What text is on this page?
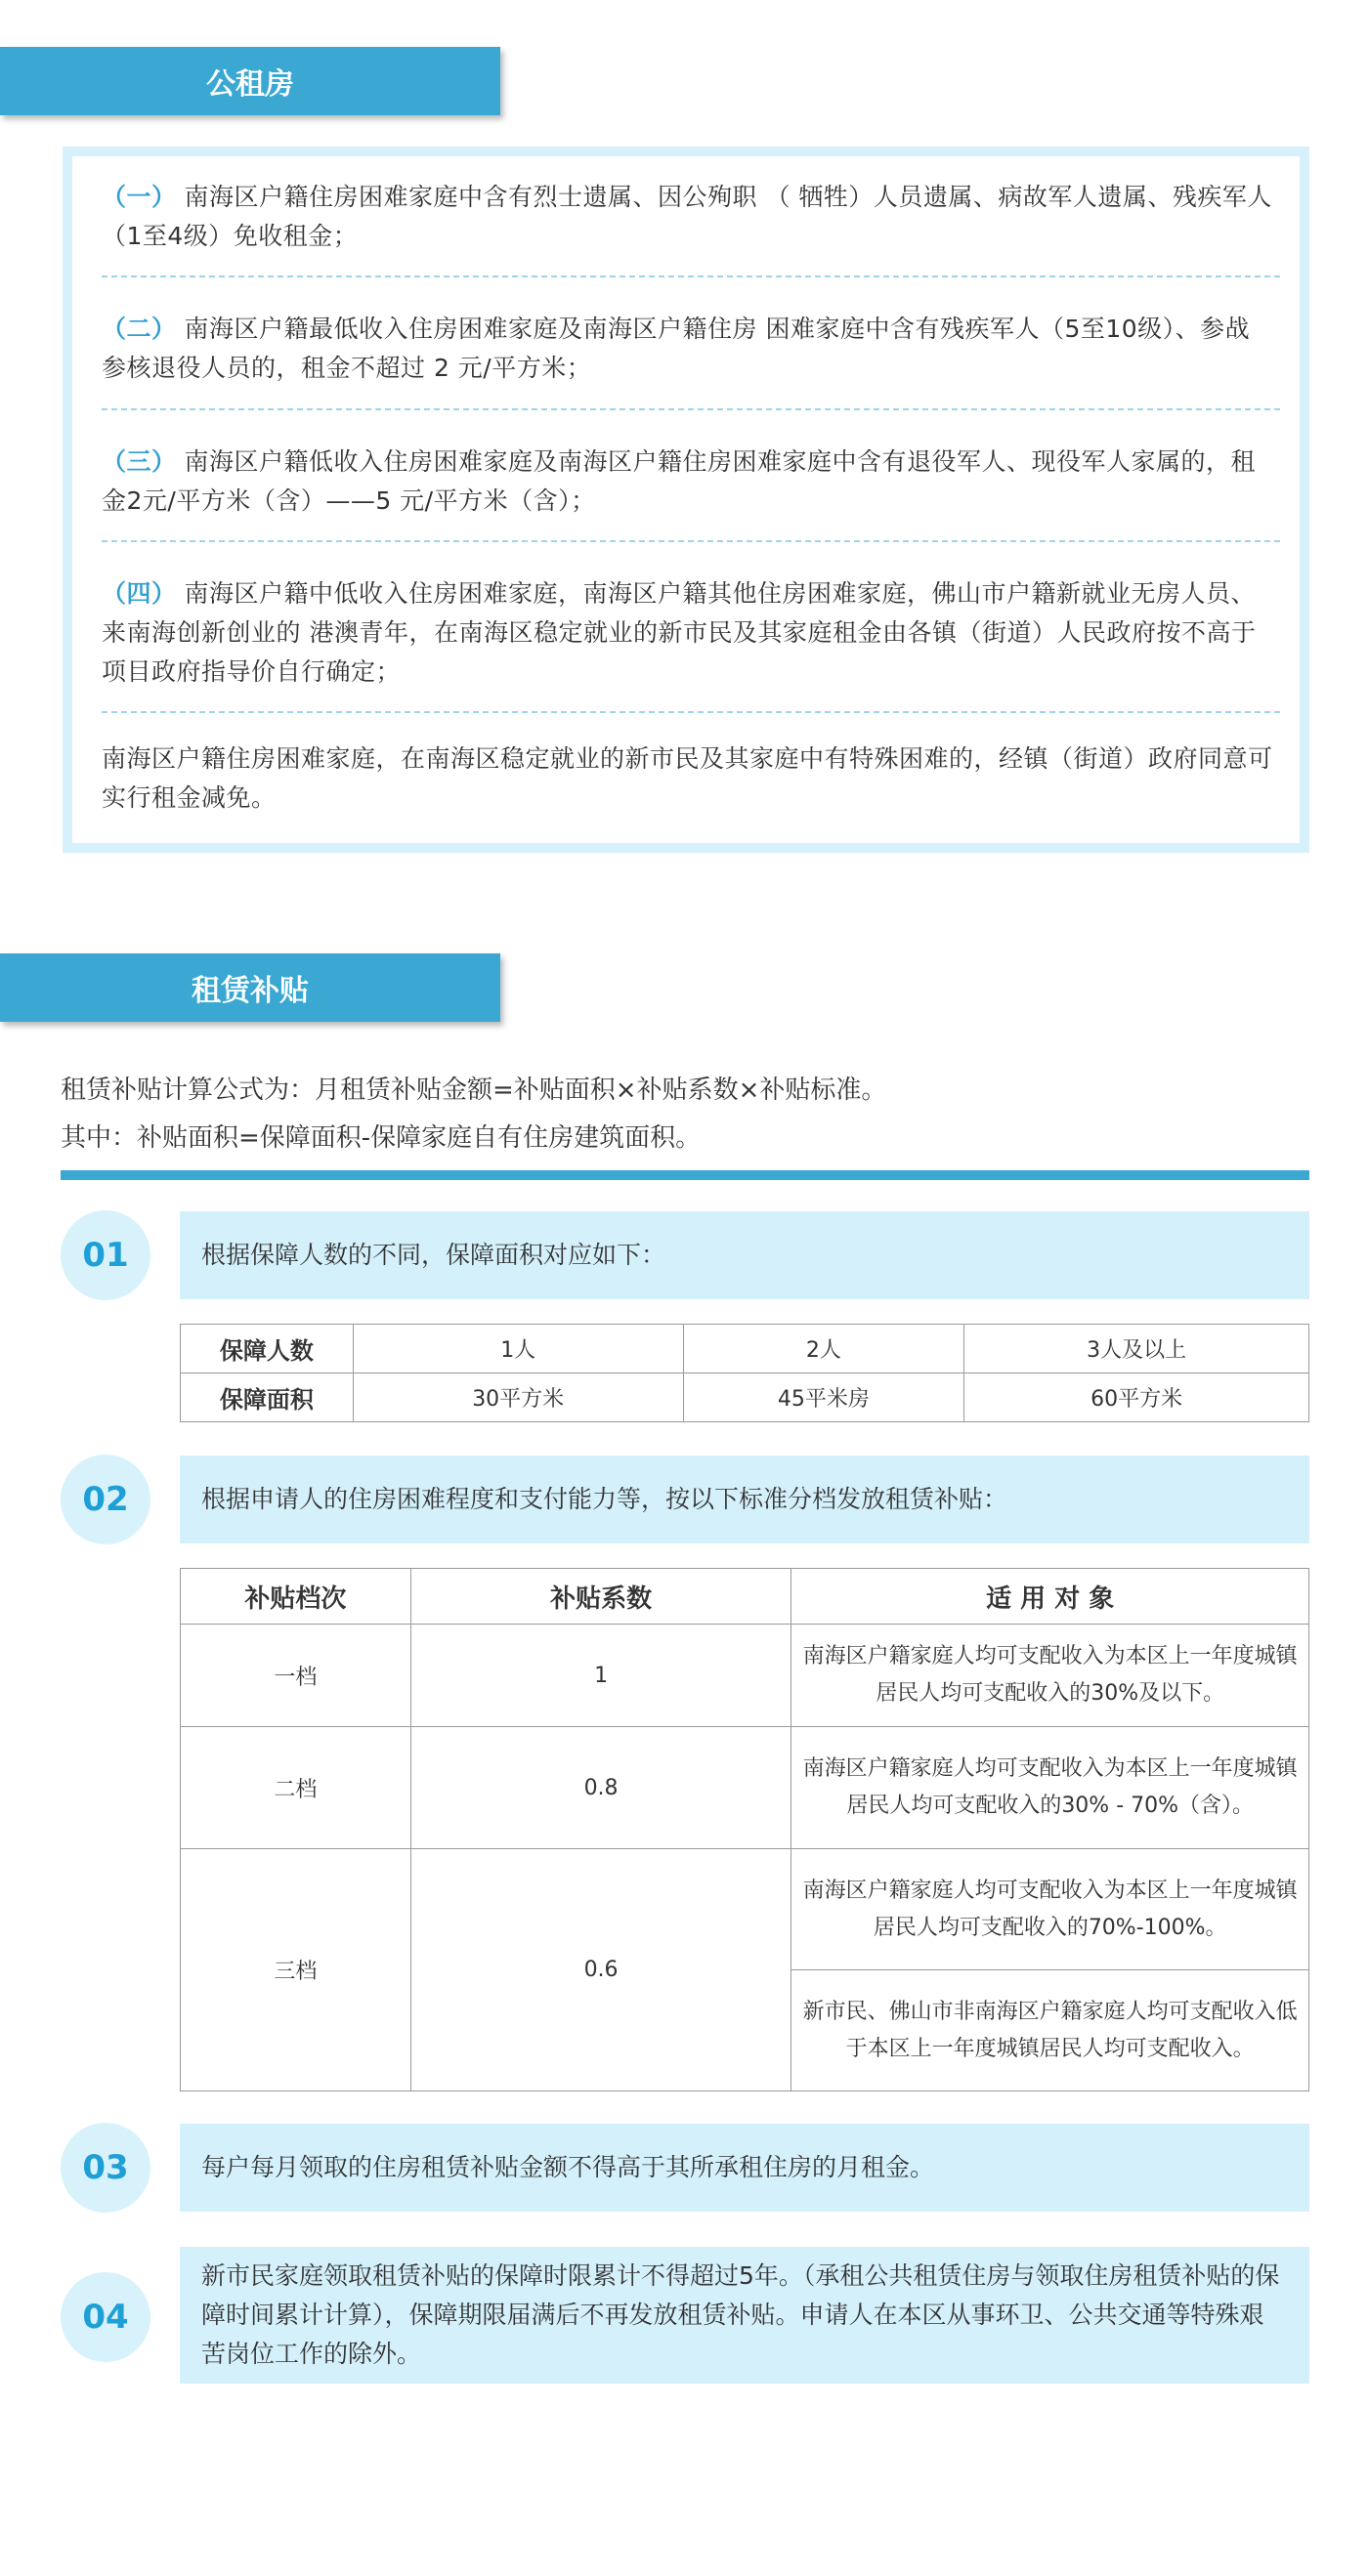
公租房
（一） 南海区户籍住房困难家庭中含有烈士遗属、因公殉职 （ 牺牲）人员遗属、病故军人遗属、残疾军人（1至4级）免收租金；
（二） 南海区户籍最低收入住房困难家庭及南海区户籍住房 困难家庭中含有残疾军人（5至10级）、参战参核退役人员的，租金不超过 2 元/平方米；
（三） 南海区户籍低收入住房困难家庭及南海区户籍住房困难家庭中含有退役军人、现役军人家属的，租金2元/平方米（含）——5 元/平方米（含）；
（四） 南海区户籍中低收入住房困难家庭，南海区户籍其他住房困难家庭，佛山市户籍新就业无房人员、来南海创新创业的 港澳青年，在南海区稳定就业的新市民及其家庭租金由各镇（街道）人民政府按不高于项目政府指导价自行确定；
南海区户籍住房困难家庭，在南海区稳定就业的新市民及其家庭中有特殊困难的，经镇（街道）政府同意可实行租金减免。
租赁补贴
租赁补贴计算公式为：月租赁补贴金额=补贴面积×补贴系数×补贴标准。
其中：补贴面积=保障面积-保障家庭自有住房建筑面积。
01	根据保障人数的不同，保障面积对应如下：
保障人数	1人	2人	3人及以上
保障面积	30平方米	45平米房	60平方米
02	根据申请人的住房困难程度和支付能力等，按以下标准分档发放租赁补贴：
补贴档次	补贴系数	适 用 对 象
一档	1	南海区户籍家庭人均可支配收入为本区上一年度城镇居民人均可支配收入的30%及以下。
二档	0.8	南海区户籍家庭人均可支配收入为本区上一年度城镇居民人均可支配收入的30% - 70%（含）。
三档	0.6	南海区户籍家庭人均可支配收入为本区上一年度城镇居民人均可支配收入的70%-100%。
		新市民、佛山市非南海区户籍家庭人均可支配收入低于本区上一年度城镇居民人均可支配收入。
03	每户每月领取的住房租赁补贴金额不得高于其所承租住房的月租金。
04
新市民家庭领取租赁补贴的保障时限累计不得超过5年。（承租公共租赁住房与领取住房租赁补贴的保障时间累计计算），保障期限届满后不再发放租赁补贴。申请人在本区从事环卫、公共交通等特殊艰苦岗位工作的除外。
